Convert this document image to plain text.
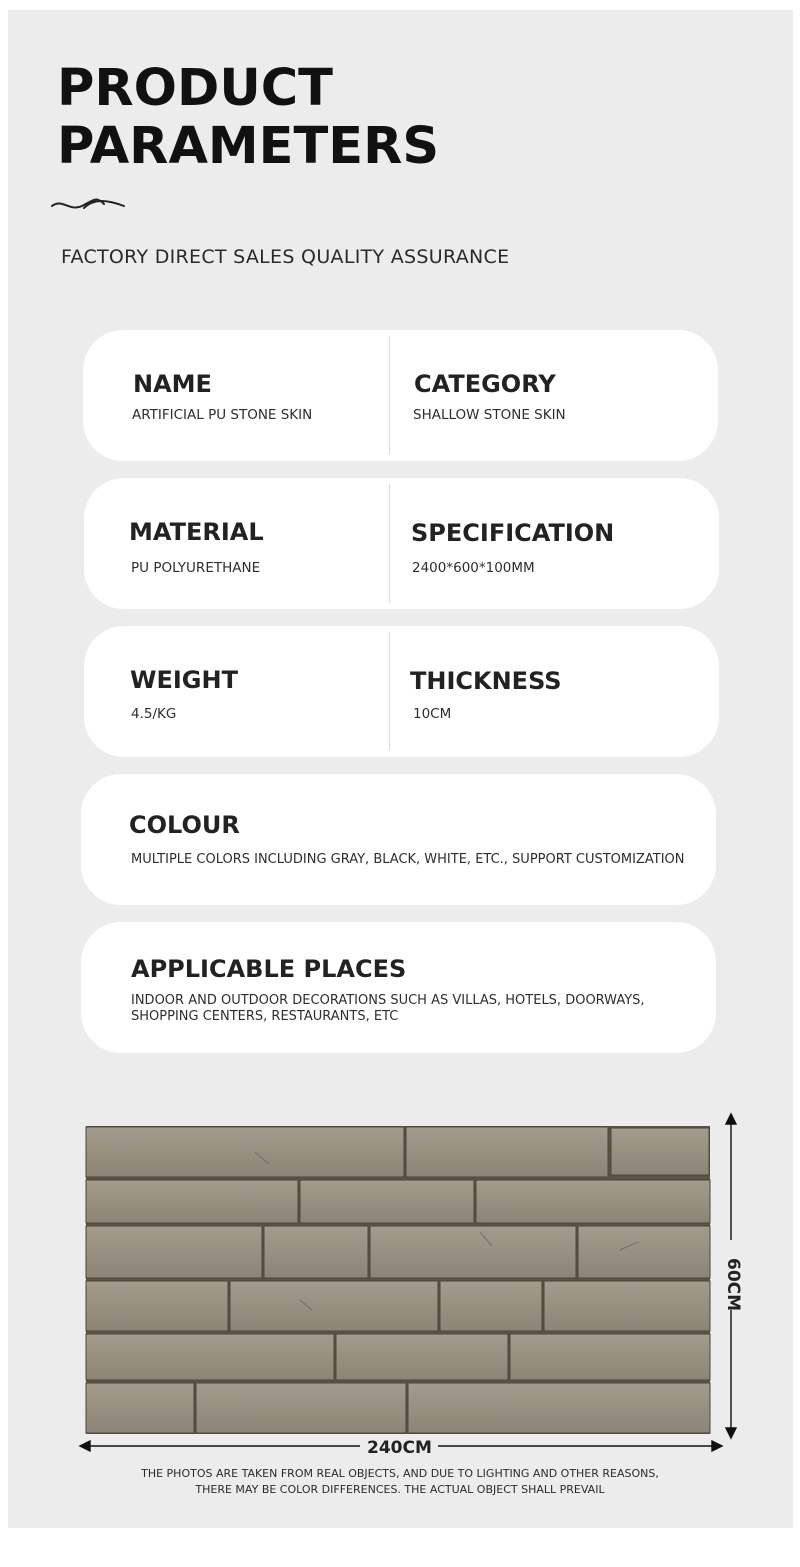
PRODUCT
PARAMETERS
FACTORY DIRECT SALES QUALITY ASSURANCE
NAME
ARTIFICIAL PU STONE SKIN
CATEGORY
SHALLOW STONE SKIN
MATERIAL
PU POLYURETHANE
SPECIFICATION
2400*600*100MM
WEIGHT
4.5/KG
THICKNESS
10CM
COLOUR
MULTIPLE COLORS INCLUDING GRAY, BLACK, WHITE, ETC., SUPPORT CUSTOMIZATION
APPLICABLE PLACES
INDOOR AND OUTDOOR DECORATIONS SUCH AS VILLAS, HOTELS, DOORWAYS, SHOPPING CENTERS, RESTAURANTS, ETC
240CM
60CM
THE PHOTOS ARE TAKEN FROM REAL OBJECTS, AND DUE TO LIGHTING AND OTHER REASONS,
THERE MAY BE COLOR DIFFERENCES. THE ACTUAL OBJECT SHALL PREVAIL
